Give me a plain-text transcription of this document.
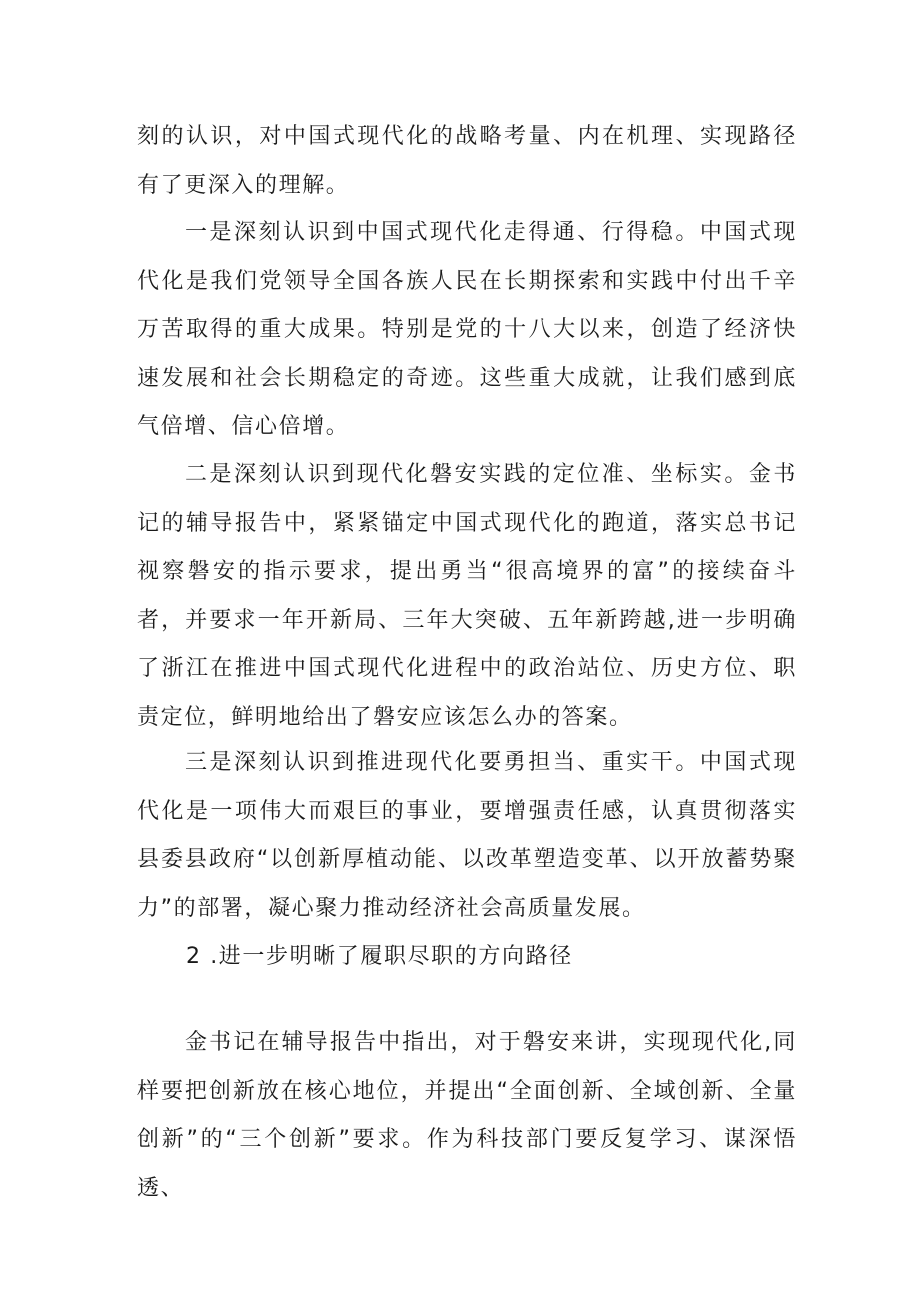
刻的认识，对中国式现代化的战略考量、内在机理、实现路径有了更深入的理解。

一是深刻认识到中国式现代化走得通、行得稳。中国式现代化是我们党领导全国各族人民在长期探索和实践中付出千辛万苦取得的重大成果。特别是党的十八大以来，创造了经济快速发展和社会长期稳定的奇迹。这些重大成就，让我们感到底气倍增、信心倍增。

二是深刻认识到现代化磐安实践的定位准、坐标实。金书记的辅导报告中，紧紧锚定中国式现代化的跑道，落实总书记视察磐安的指示要求，提出勇当“很高境界的富”的接续奋斗者，并要求一年开新局、三年大突破、五年新跨越,进一步明确了浙江在推进中国式现代化进程中的政治站位、历史方位、职责定位，鲜明地给出了磐安应该怎么办的答案。

三是深刻认识到推进现代化要勇担当、重实干。中国式现代化是一项伟大而艰巨的事业，要增强责任感，认真贯彻落实县委县政府“以创新厚植动能、以改革塑造变革、以开放蓄势聚力”的部署，凝心聚力推动经济社会高质量发展。

2 .进一步明晰了履职尽职的方向路径

金书记在辅导报告中指出，对于磐安来讲，实现现代化,同样要把创新放在核心地位，并提出“全面创新、全域创新、全量创新”的“三个创新”要求。作为科技部门要反复学习、谋深悟透、
